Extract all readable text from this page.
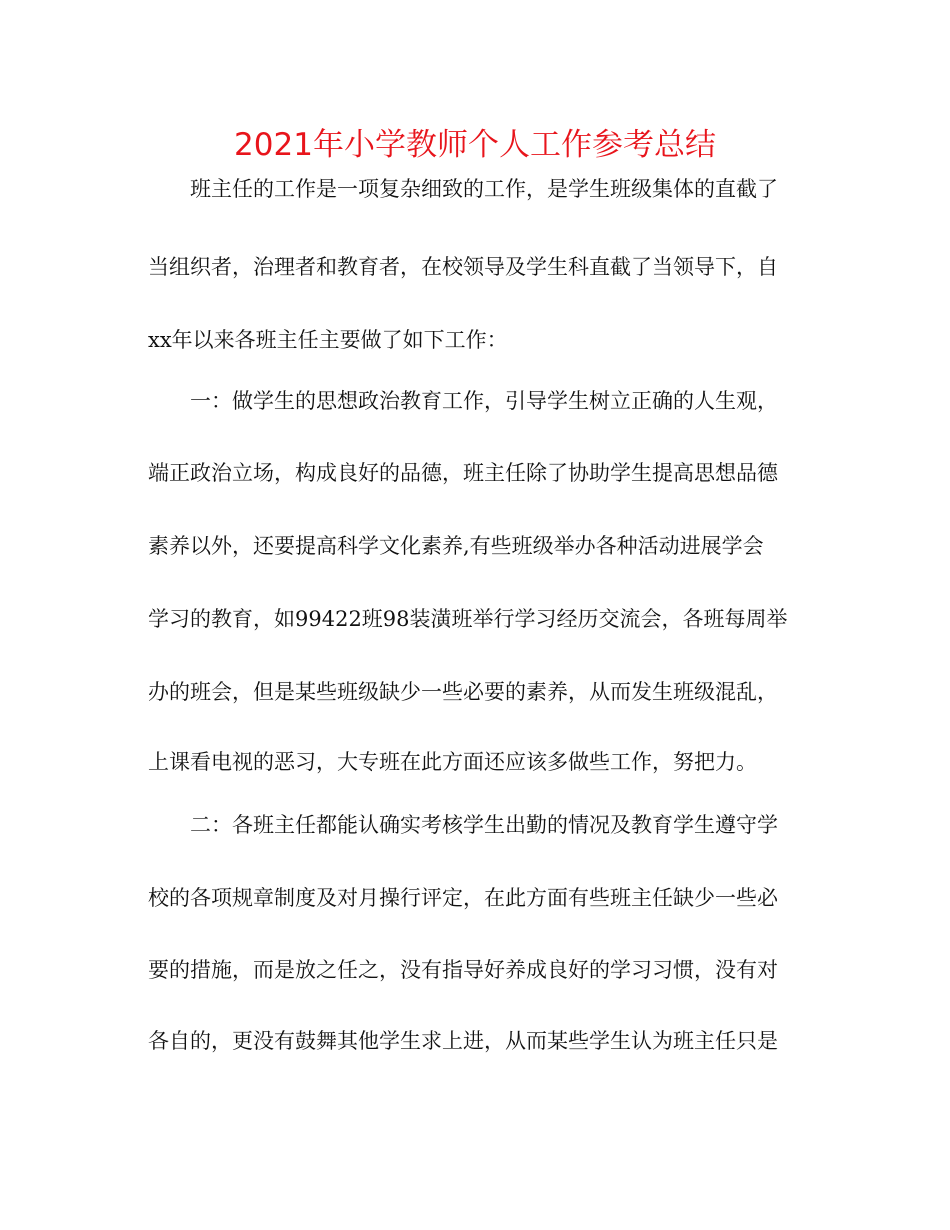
2021年小学教师个人工作参考总结
班主任的工作是一项复杂细致的工作，是学生班级集体的直截了
当组织者，治理者和教育者，在校领导及学生科直截了当领导下，自
xx年以来各班主任主要做了如下工作：
一：做学生的思想政治教育工作，引导学生树立正确的人生观，
端正政治立场，构成良好的品德，班主任除了协助学生提高思想品德
素养以外，还要提高科学文化素养,有些班级举办各种活动进展学会
学习的教育，如99422班98装潢班举行学习经历交流会，各班每周举
办的班会，但是某些班级缺少一些必要的素养，从而发生班级混乱，
上课看电视的恶习，大专班在此方面还应该多做些工作，努把力。
二：各班主任都能认确实考核学生出勤的情况及教育学生遵守学
校的各项规章制度及对月操行评定，在此方面有些班主任缺少一些必
要的措施，而是放之任之，没有指导好养成良好的学习习惯，没有对
各自的，更没有鼓舞其他学生求上进，从而某些学生认为班主任只是
